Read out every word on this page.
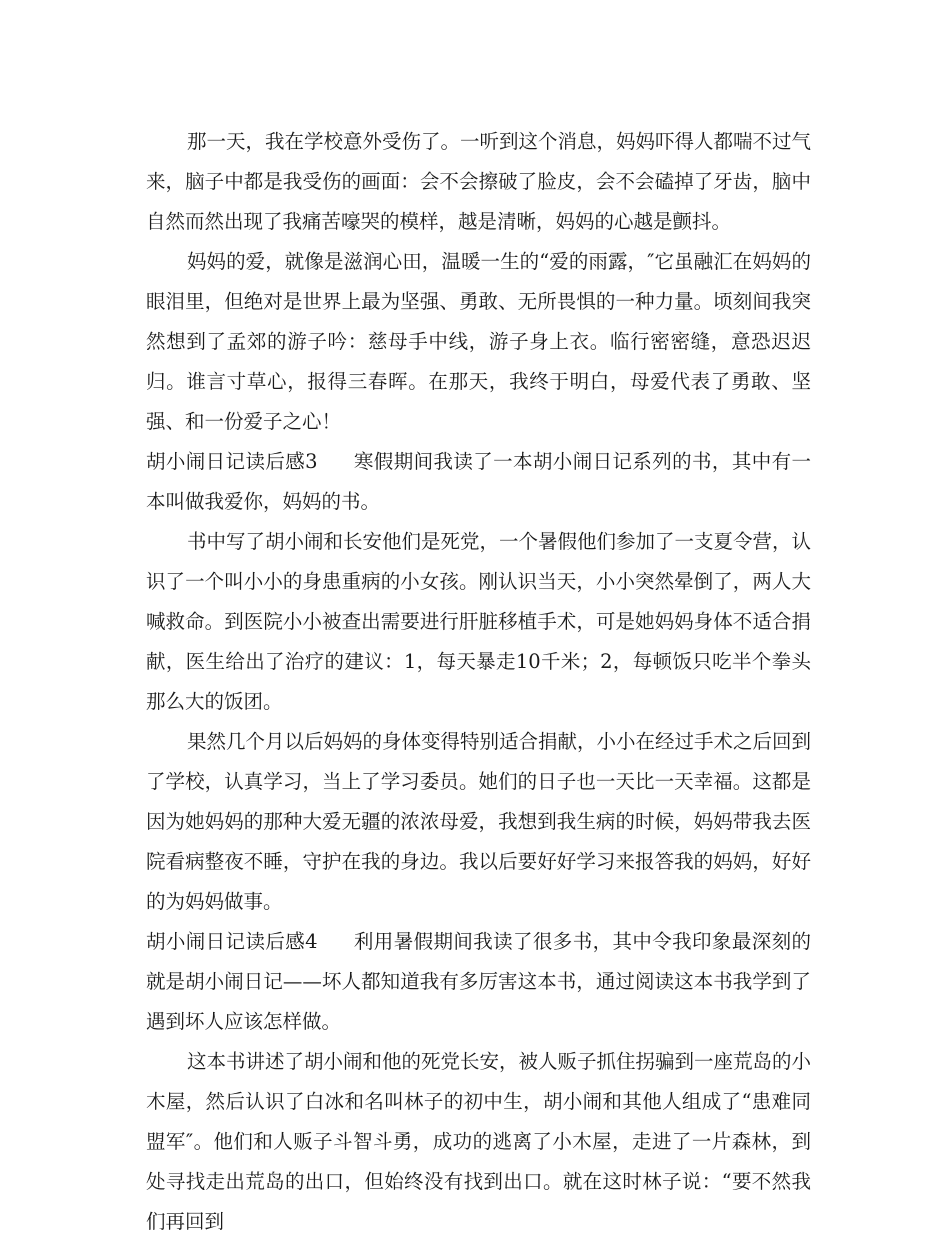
那一天，我在学校意外受伤了。一听到这个消息，妈妈吓得人都喘不过气来，脑子中都是我受伤的画面：会不会擦破了脸皮，会不会磕掉了牙齿，脑中自然而然出现了我痛苦嚎哭的模样，越是清晰，妈妈的心越是颤抖。

妈妈的爱，就像是滋润心田，温暖一生的“爱的雨露，″它虽融汇在妈妈的眼泪里，但绝对是世界上最为坚强、勇敢、无所畏惧的一种力量。顷刻间我突然想到了孟郊的游子吟：慈母手中线，游子身上衣。临行密密缝，意恐迟迟归。谁言寸草心，报得三春晖。在那天，我终于明白，母爱代表了勇敢、坚强、和一份爱子之心！

胡小闹日记读后感3 寒假期间我读了一本胡小闹日记系列的书，其中有一本叫做我爱你，妈妈的书。

书中写了胡小闹和长安他们是死党，一个暑假他们参加了一支夏令营，认识了一个叫小小的身患重病的小女孩。刚认识当天，小小突然晕倒了，两人大喊救命。到医院小小被查出需要进行肝脏移植手术，可是她妈妈身体不适合捐献，医生给出了治疗的建议：1，每天暴走10千米；2，每顿饭只吃半个拳头那么大的饭团。

果然几个月以后妈妈的身体变得特别适合捐献，小小在经过手术之后回到了学校，认真学习，当上了学习委员。她们的日子也一天比一天幸福。这都是因为她妈妈的那种大爱无疆的浓浓母爱，我想到我生病的时候，妈妈带我去医院看病整夜不睡，守护在我的身边。我以后要好好学习来报答我的妈妈，好好的为妈妈做事。

胡小闹日记读后感4 利用暑假期间我读了很多书，其中令我印象最深刻的就是胡小闹日记——坏人都知道我有多厉害这本书，通过阅读这本书我学到了遇到坏人应该怎样做。

这本书讲述了胡小闹和他的死党长安，被人贩子抓住拐骗到一座荒岛的小木屋，然后认识了白冰和名叫林子的初中生，胡小闹和其他人组成了“患难同盟军″。他们和人贩子斗智斗勇，成功的逃离了小木屋，走进了一片森林，到处寻找走出荒岛的出口，但始终没有找到出口。就在这时林子说：“要不然我们再回到
